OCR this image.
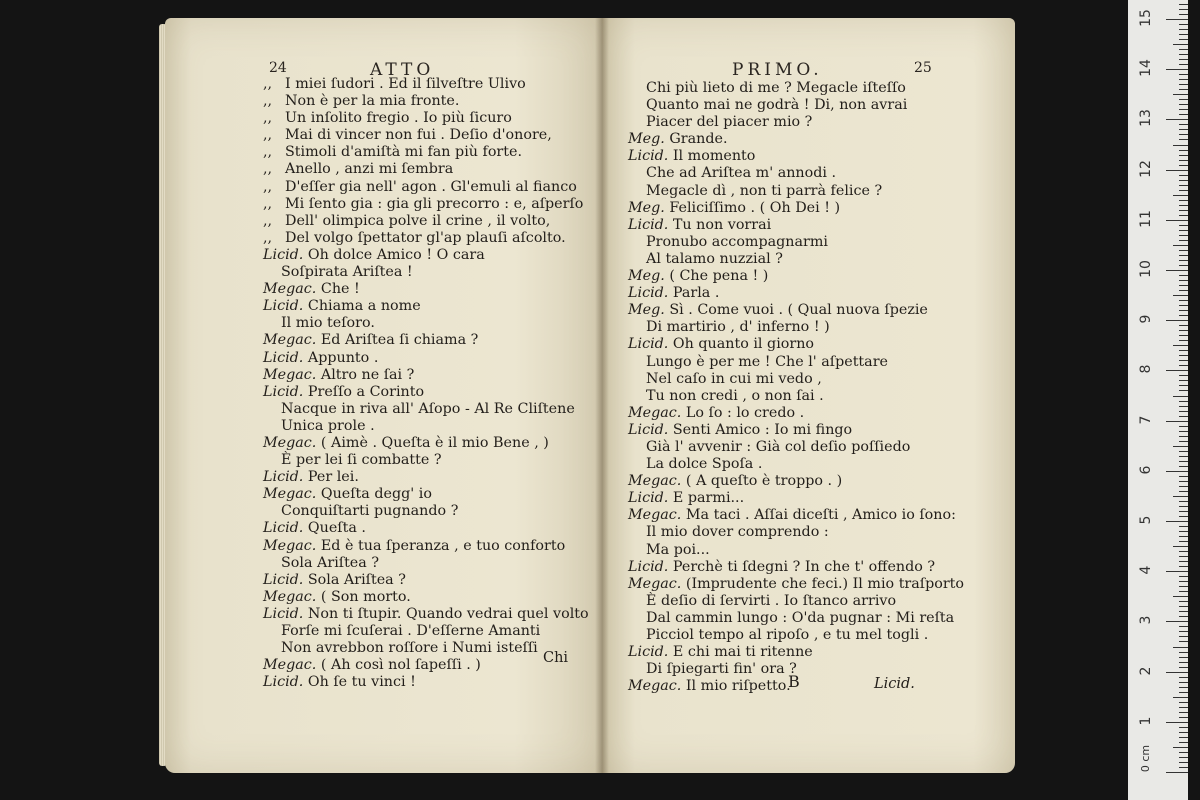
24	ATTO
,, I miei ſudori . Ed il ſilveſtre Ulivo
,, Non è per la mia fronte.
,, Un inſolito fregio . Io più ſicuro
,, Mai di vincer non fui . Deſio d'onore,
,, Stimoli d'amiſtà mi fan più forte.
,, Anello , anzi mi ſembra
,, D'eſſer gia nell' agon . Gl'emuli al fianco
,, Mi ſento gia : gia gli precorro : e, aſperſo
,, Dell' olimpica polve il crine , il volto,
,, Del volgo ſpettator gl'ap plauſi aſcolto.
Licid. Oh dolce Amico ! O cara
Soſpirata Ariſtea !
Megac. Che !
Licid. Chiama a nome
Il mio teſoro.
Megac. Ed Ariſtea ſi chiama ?
Licid. Appunto .
Megac. Altro ne ſai ?
Licid. Preſſo a Corinto
Nacque in riva all' Aſopo - Al Re Cliſtene
Unica prole .
Megac. ( Aimè . Queſta è il mio Bene , )
È per lei ſi combatte ?
Licid. Per lei.
Megac. Queſta degg' io
Conquiſtarti pugnando ?
Licid. Queſta .
Megac. Ed è tua ſperanza , e tuo conforto
Sola Ariſtea ?
Licid. Sola Ariſtea ?
Megac. ( Son morto.
Licid. Non ti ſtupir. Quando vedrai quel volto
Forſe mi ſcuſerai . D'eſſerne Amanti
Non avrebbon roſſore i Numi isteſſi
Megac. ( Ah così nol ſapeſſi . )
Licid. Oh ſe tu vinci !
Chi
PRIMO.	25
Chi più lieto di me ? Megacle iſteſſo
Quanto mai ne godrà ! Di, non avrai
Piacer del piacer mio ?
Meg. Grande.
Licid. Il momento
Che ad Ariſtea m' annodi .
Megacle dì , non ti parrà felice ?
Meg. Feliciſſimo . ( Oh Dei ! )
Licid. Tu non vorrai
Pronubo accompagnarmi
Al talamo nuzzial ?
Meg. ( Che pena ! )
Licid. Parla .
Meg. Sì . Come vuoi . ( Qual nuova ſpezie
Di martirio , d' inferno ! )
Licid. Oh quanto il giorno
Lungo è per me ! Che l' aſpettare
Nel caſo in cui mi vedo ,
Tu non credi , o non ſai .
Megac. Lo ſo : lo credo .
Licid. Senti Amico : Io mi fingo
Già l' avvenir : Già col deſio poſſiedo
La dolce Spoſa .
Megac. ( A queſto è troppo . )
Licid. E parmi...
Megac. Ma taci . Aſſai diceſti , Amico io ſono:
Il mio dover comprendo :
Ma poi...
Licid. Perchè ti ſdegni ? In che t' offendo ?
Megac. (Imprudente che feci.) Il mio traſporto
È deſio di ſervirti . Io ſtanco arrivo
Dal cammin lungo : O'da pugnar : Mi reſta
Picciol tempo al ripoſo , e tu mel togli .
Licid. E chi mai ti ritenne
Di ſpiegarti fin' ora ?
Megac. Il mio riſpetto.
B	Licid.
0 cm
1
2
3
4
5
6
7
8
9
10
11
12
13
14
15
